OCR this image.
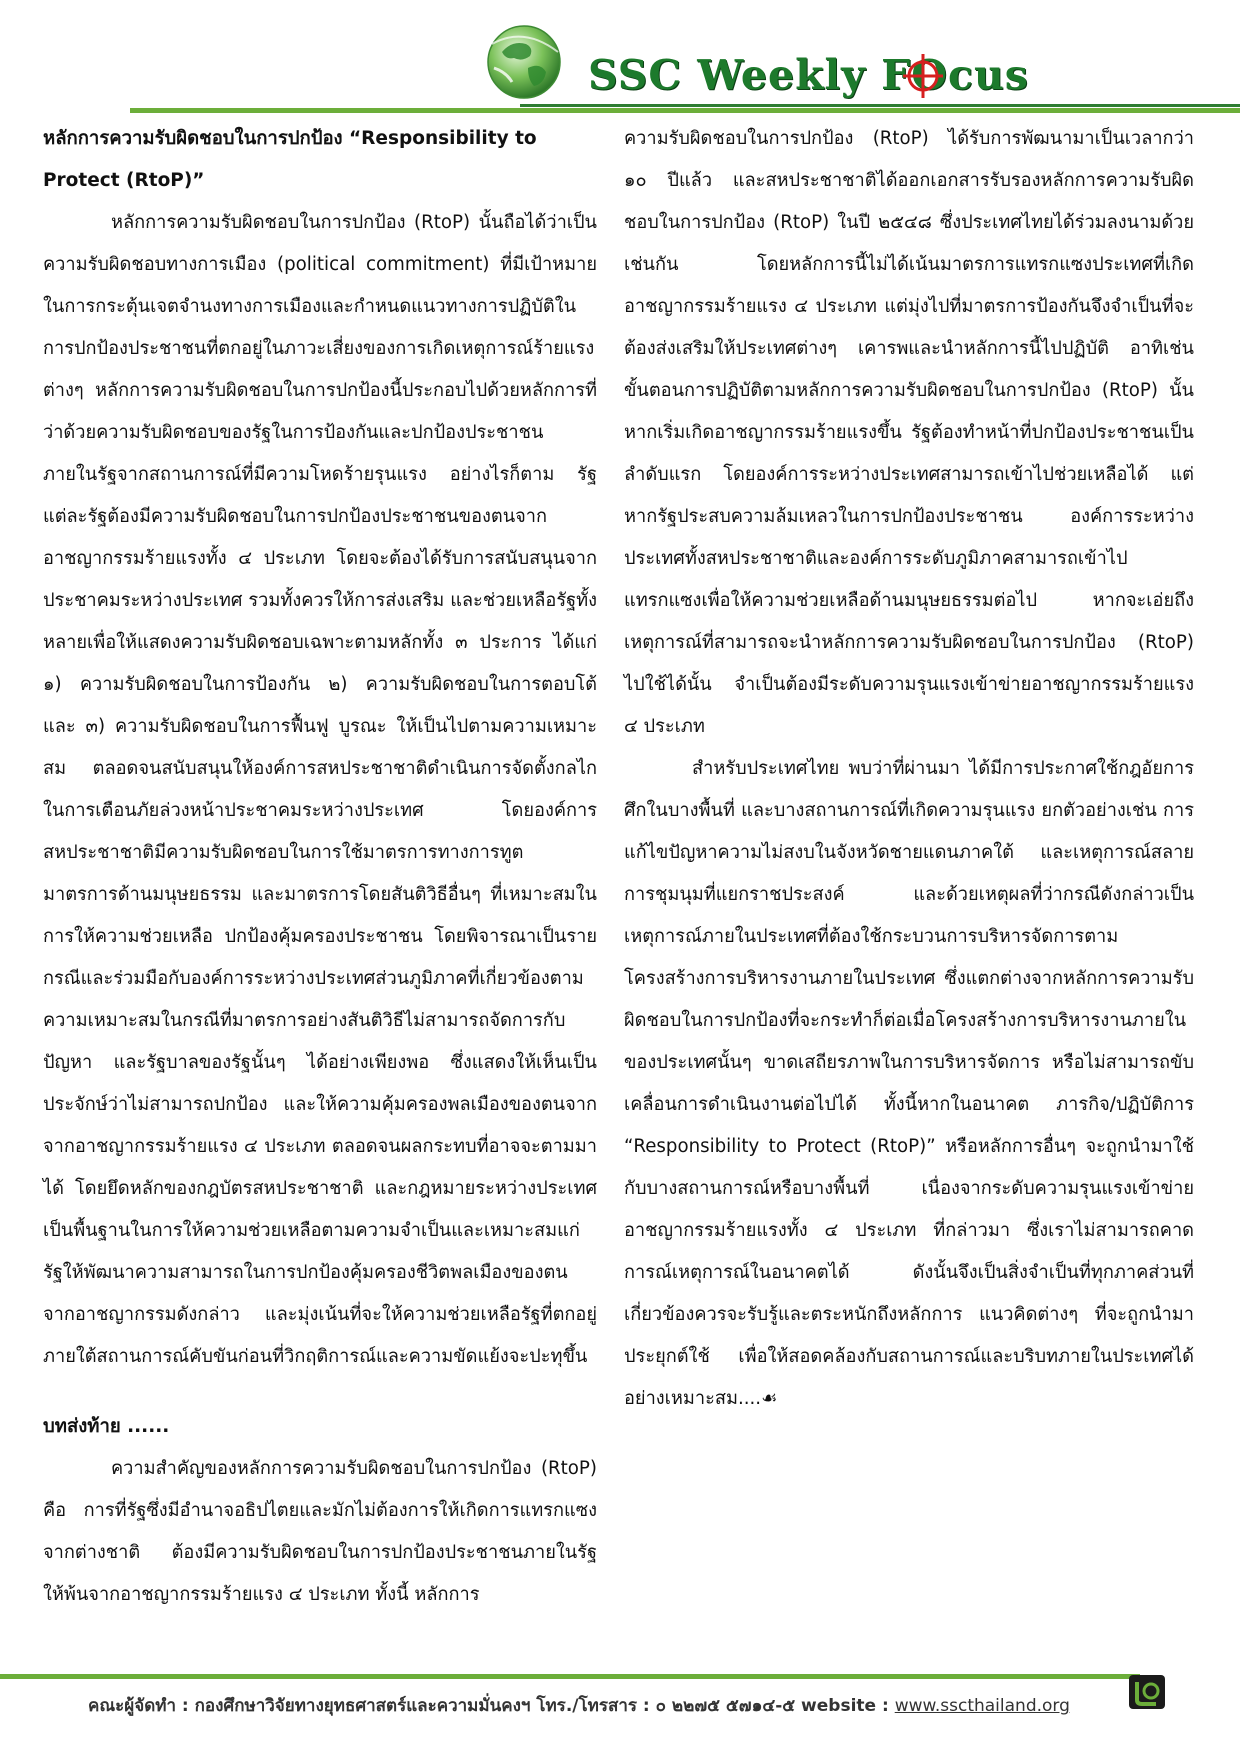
SSC Weekly FO
cus
หลักการความรับผิดชอบในการปกป้อง “Responsibility to Protect (RtoP)”

หลักการความรับผิดชอบในการปกป้อง (RtoP) นั้นถือได้ว่าเป็นความรับผิดชอบทางการเมือง (political commitment) ที่มีเป้าหมายในการกระตุ้นเจตจำนงทางการเมืองและกำหนดแนวทางการปฏิบัติในการปกป้องประชาชนที่ตกอยู่ในภาวะเสี่ยงของการเกิดเหตุการณ์ร้ายแรงต่างๆ หลักการความรับผิดชอบในการปกป้องนี้ประกอบไปด้วยหลักการที่ว่าด้วยความรับผิดชอบของรัฐในการป้องกันและปกป้องประชาชนภายในรัฐจากสถานการณ์ที่มีความโหดร้ายรุนแรง อย่างไรก็ตาม รัฐแต่ละรัฐต้องมีความรับผิดชอบในการปกป้องประชาชนของตนจากอาชญากรรมร้ายแรงทั้ง ๔ ประเภท โดยจะต้องได้รับการสนับสนุนจากประชาคมระหว่างประเทศ รวมทั้งควรให้การส่งเสริม และช่วยเหลือรัฐทั้งหลายเพื่อให้แสดงความรับผิดชอบเฉพาะตามหลักทั้ง ๓ ประการ ได้แก่ ๑) ความรับผิดชอบในการป้องกัน ๒) ความรับผิดชอบในการตอบโต้ และ ๓) ความรับผิดชอบในการฟื้นฟู บูรณะ ให้เป็นไปตามความเหมาะสม ตลอดจนสนับสนุนให้องค์การสหประชาชาติดำเนินการจัดตั้งกลไกในการเตือนภัยล่วงหน้าประชาคมระหว่างประเทศ โดยองค์การสหประชาชาติมีความรับผิดชอบในการใช้มาตรการทางการทูต มาตรการด้านมนุษยธรรม และมาตรการโดยสันติวิธีอื่นๆ ที่เหมาะสมในการให้ความช่วยเหลือ ปกป้องคุ้มครองประชาชน โดยพิจารณาเป็นรายกรณีและร่วมมือกับองค์การระหว่างประเทศส่วนภูมิภาคที่เกี่ยวข้องตามความเหมาะสมในกรณีที่มาตรการอย่างสันติวิธีไม่สามารถจัดการกับปัญหา และรัฐบาลของรัฐนั้นๆ ได้อย่างเพียงพอ ซึ่งแสดงให้เห็นเป็นประจักษ์ว่าไม่สามารถปกป้อง และให้ความคุ้มครองพลเมืองของตนจากจากอาชญากรรมร้ายแรง ๔ ประเภท ตลอดจนผลกระทบที่อาจจะตามมาได้ โดยยึดหลักของกฎบัตรสหประชาชาติ และกฎหมายระหว่างประเทศเป็นพื้นฐานในการให้ความช่วยเหลือตามความจำเป็นและเหมาะสมแก่รัฐให้พัฒนาความสามารถในการปกป้องคุ้มครองชีวิตพลเมืองของตนจากอาชญากรรมดังกล่าว และมุ่งเน้นที่จะให้ความช่วยเหลือรัฐที่ตกอยู่ภายใต้สถานการณ์คับขันก่อนที่วิกฤติการณ์และความขัดแย้งจะปะทุขึ้น

บทส่งท้าย ......

ความสำคัญของหลักการความรับผิดชอบในการปกป้อง (RtoP) คือ การที่รัฐซึ่งมีอำนาจอธิปไตยและมักไม่ต้องการให้เกิดการแทรกแซงจากต่างชาติ ต้องมีความรับผิดชอบในการปกป้องประชาชนภายในรัฐ ให้พ้นจากอาชญากรรมร้ายแรง ๔ ประเภท ทั้งนี้ หลักการ

ความรับผิดชอบในการปกป้อง (RtoP) ได้รับการพัฒนามาเป็นเวลากว่า ๑๐ ปีแล้ว และสหประชาชาติได้ออกเอกสารรับรองหลักการความรับผิดชอบในการปกป้อง (RtoP) ในปี ๒๕๔๘ ซึ่งประเทศไทยได้ร่วมลงนามด้วยเช่นกัน โดยหลักการนี้ไม่ได้เน้นมาตรการแทรกแซงประเทศที่เกิดอาชญากรรมร้ายแรง ๔ ประเภท แต่มุ่งไปที่มาตรการป้องกันจึงจำเป็นที่จะต้องส่งเสริมให้ประเทศต่างๆ เคารพและนำหลักการนี้ไปปฏิบัติ อาทิเช่น ขั้นตอนการปฏิบัติตามหลักการความรับผิดชอบในการปกป้อง (RtoP) นั้น หากเริ่มเกิดอาชญากรรมร้ายแรงขึ้น รัฐต้องทำหน้าที่ปกป้องประชาชนเป็นลำดับแรก โดยองค์การระหว่างประเทศสามารถเข้าไปช่วยเหลือได้ แต่หากรัฐประสบความล้มเหลวในการปกป้องประชาชน องค์การระหว่างประเทศทั้งสหประชาชาติและองค์การระดับภูมิภาคสามารถเข้าไปแทรกแซงเพื่อให้ความช่วยเหลือด้านมนุษยธรรมต่อไป หากจะเอ่ยถึงเหตุการณ์ที่สามารถจะนำหลักการความรับผิดชอบในการปกป้อง (RtoP) ไปใช้ได้นั้น จำเป็นต้องมีระดับความรุนแรงเข้าข่ายอาชญากรรมร้ายแรง ๔ ประเภท

สำหรับประเทศไทย พบว่าที่ผ่านมา ได้มีการประกาศใช้กฎอัยการศึกในบางพื้นที่ และบางสถานการณ์ที่เกิดความรุนแรง ยกตัวอย่างเช่น การแก้ไขปัญหาความไม่สงบในจังหวัดชายแดนภาคใต้ และเหตุการณ์สลายการชุมนุมที่แยกราชประสงค์ และด้วยเหตุผลที่ว่ากรณีดังกล่าวเป็นเหตุการณ์ภายในประเทศที่ต้องใช้กระบวนการบริหารจัดการตามโครงสร้างการบริหารงานภายในประเทศ ซึ่งแตกต่างจากหลักการความรับผิดชอบในการปกป้องที่จะกระทำก็ต่อเมื่อโครงสร้างการบริหารงานภายในของประเทศนั้นๆ ขาดเสถียรภาพในการบริหารจัดการ หรือไม่สามารถขับเคลื่อนการดำเนินงานต่อไปได้ ทั้งนี้หากในอนาคต ภารกิจ/ปฏิบัติการ “Responsibility to Protect (RtoP)” หรือหลักการอื่นๆ จะถูกนำมาใช้กับบางสถานการณ์หรือบางพื้นที่ เนื่องจากระดับความรุนแรงเข้าข่ายอาชญากรรมร้ายแรงทั้ง ๔ ประเภท ที่กล่าวมา ซึ่งเราไม่สามารถคาดการณ์เหตุการณ์ในอนาคตได้ ดังนั้นจึงเป็นสิ่งจำเป็นที่ทุกภาคส่วนที่เกี่ยวข้องควรจะรับรู้และตระหนักถึงหลักการ แนวคิดต่างๆ ที่จะถูกนำมาประยุกต์ใช้ เพื่อให้สอดคล้องกับสถานการณ์และบริบทภายในประเทศได้อย่างเหมาะสม....☙

คณะผู้จัดทำ : กองศึกษาวิจัยทางยุทธศาสตร์และความมั่นคงฯ โทร./โทรสาร : ๐ ๒๒๗๕ ๕๗๑๔-๕ website : www.sscthailand.org
